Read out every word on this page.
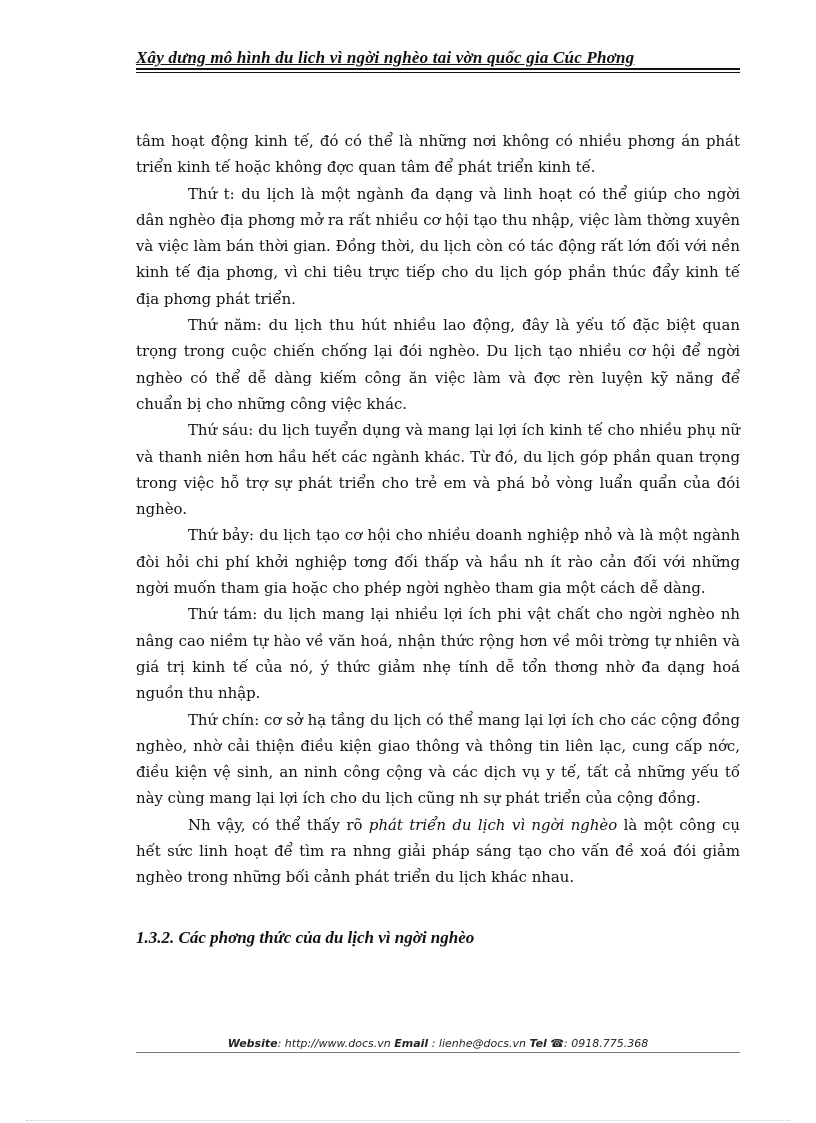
Xây dưng mô hình du lich vì ngời nghèo tai vờn quốc gia Cúc Phơng

tâm hoạt động kinh tế, đó có thể là những nơi không có nhiều phơng án phát triển kinh tế hoặc không đợc quan tâm để phát triển kinh tế.

Thứ t: du lịch là một ngành đa dạng và linh hoạt có thể giúp cho ngời dân nghèo địa phơng mở ra rất nhiều cơ hội tạo thu nhập, việc làm thờng xuyên và việc làm bán thời gian. Đồng thời, du lịch còn có tác động rất lớn đối với nền kinh tế địa phơng, vì chi tiêu trực tiếp cho du lịch góp phần thúc đẩy kinh tế địa phơng phát triển.

Thứ năm: du lịch thu hút nhiều lao động, đây là yếu tố đặc biệt quan trọng trong cuộc chiến chống lại đói nghèo. Du lịch tạo nhiều cơ hội để ngời nghèo có thể dễ dàng kiếm công ăn việc làm và đợc rèn luyện kỹ năng để chuẩn bị cho những công việc khác.

Thứ sáu: du lịch tuyển dụng và mang lại lợi ích kinh tế cho nhiều phụ nữ và thanh niên hơn hầu hết các ngành khác. Từ đó, du lịch góp phần quan trọng trong việc hỗ trợ sự phát triển cho trẻ em và phá bỏ vòng luẩn quẩn của đói nghèo.

Thứ bảy: du lịch tạo cơ hội cho nhiều doanh nghiệp nhỏ và là một ngành đòi hỏi chi phí khởi nghiệp tơng đối thấp và hầu nh ít rào cản đối với những ngời muốn tham gia hoặc cho phép ngời nghèo tham gia một cách dễ dàng.

Thứ tám: du lịch mang lại nhiều lợi ích phi vật chất cho ngời nghèo nh nâng cao niềm tự hào về văn hoá, nhận thức rộng hơn về môi trờng tự nhiên và giá trị kinh tế của nó, ý thức giảm nhẹ tính dễ tổn thơng nhờ đa dạng hoá nguồn thu nhập.

Thứ chín: cơ sở hạ tầng du lịch có thể mang lại lợi ích cho các cộng đồng nghèo, nhờ cải thiện điều kiện giao thông và thông tin liên lạc, cung cấp nớc, điều kiện vệ sinh, an ninh công cộng và các dịch vụ y tế, tất cả những yếu tố này cùng mang lại lợi ích cho du lịch cũng nh sự phát triển của cộng đồng.

Nh vậy, có thể thấy rõ phát triển du lịch vì ngời nghèo là một công cụ hết sức linh hoạt để tìm ra nhng giải pháp sáng tạo cho vấn đề xoá đói giảm nghèo trong những bối cảnh phát triển du lịch khác nhau.

1.3.2. Các phơng thức của du lịch vì ngời nghèo
Website: http://www.docs.vn Email : lienhe@docs.vn Tel ☎: 0918.775.368
